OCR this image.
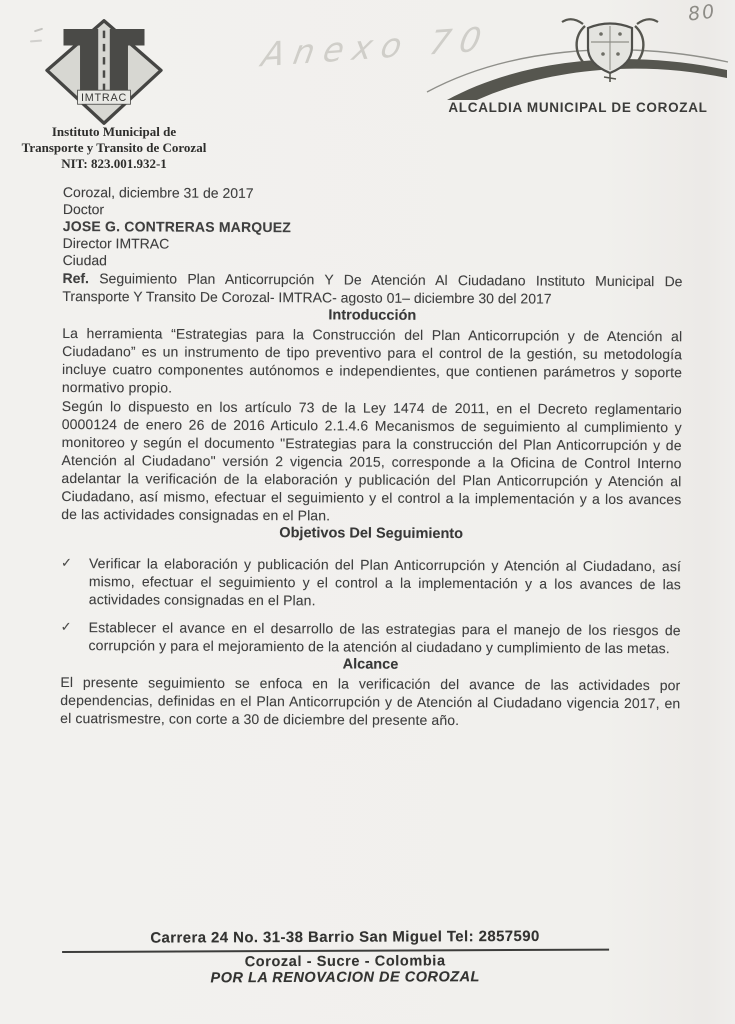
Anexo 70
80
IMTRAC
Instituto Municipal de
Transporte y Transito de Corozal
NIT: 823.001.932-1
ALCALDIA MUNICIPAL DE COROZAL
Corozal, diciembre 31 de 2017
Doctor
JOSE G. CONTRERAS MARQUEZ
Director IMTRAC
Ciudad

Ref. Seguimiento Plan Anticorrupción Y De Atención Al Ciudadano Instituto Municipal De Transporte Y Transito De Corozal- IMTRAC- agosto 01– diciembre 30 del 2017

Introducción

La herramienta “Estrategias para la Construcción del Plan Anticorrupción y de Atención al Ciudadano” es un instrumento de tipo preventivo para el control de la gestión, su metodología incluye cuatro componentes autónomos e independientes, que contienen parámetros y soporte normativo propio.

Según lo dispuesto en los artículo 73 de la Ley 1474 de 2011, en el Decreto reglamentario 0000124 de enero 26 de 2016 Articulo 2.1.4.6 Mecanismos de seguimiento al cumplimiento y monitoreo y según el documento "Estrategias para la construcción del Plan Anticorrupción y de Atención al Ciudadano" versión 2 vigencia 2015, corresponde a la Oficina de Control Interno adelantar la verificación de la elaboración y publicación del Plan Anticorrupción y Atención al Ciudadano, así mismo, efectuar el seguimiento y el control a la implementación y a los avances de las actividades consignadas en el Plan.

Objetivos Del Seguimiento
✓	Verificar la elaboración y publicación del Plan Anticorrupción y Atención al Ciudadano, así mismo, efectuar el seguimiento y el control a la implementación y a los avances de las actividades consignadas en el Plan.
✓	Establecer el avance en el desarrollo de las estrategias para el manejo de los riesgos de corrupción y para el mejoramiento de la atención al ciudadano y cumplimiento de las metas.
Alcance

El presente seguimiento se enfoca en la verificación del avance de las actividades por dependencias, definidas en el Plan Anticorrupción y de Atención al Ciudadano vigencia 2017, en el cuatrismestre, con corte a 30 de diciembre del presente año.

Carrera 24 No. 31-38 Barrio San Miguel Tel: 2857590
Corozal - Sucre - Colombia
POR LA RENOVACION DE COROZAL
